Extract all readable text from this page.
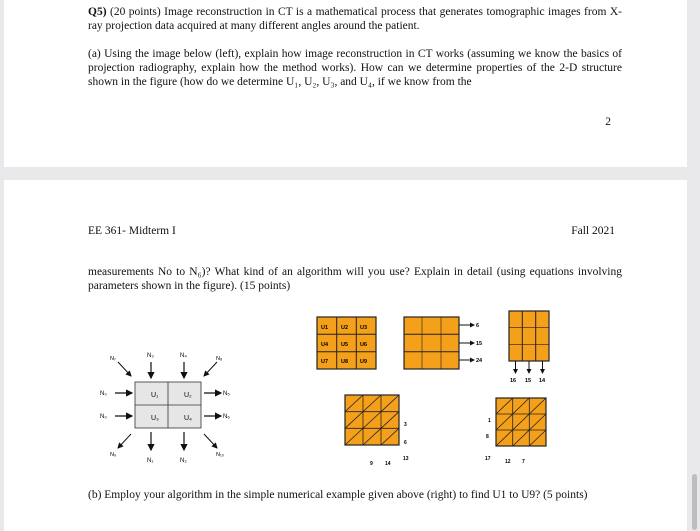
Q5) (20 points) Image reconstruction in CT is a mathematical process that generates tomographic images from X-ray projection data acquired at many different angles around the patient.

(a) Using the image below (left), explain how image reconstruction in CT works (assuming we know the basics of projection radiography, explain how the method works). How can we determine properties of the 2-D structure shown in the figure (how do we determine U₁, U₂, U₃, and U₄, if we know from the

2
EE 361- Midterm I	Fall 2021

measurements No to N₆)? What kind of an algorithm will you use? Explain in detail (using equations involving parameters shown in the figure). (15 points)

(b) Employ your algorithm in the simple numerical example given above (right) to find U1 to U9? (5 points)

U₁	U₂
U₃	U₄
N₃	N₄
N₁	N₂
N₀
N₀
N₅
N₆
N₇	N₈
N₉	N₁₀
U1 U2 U3
U4 U5 U6
U7 U8 U9
6
15
24
16 15 14
9 14
13
3
6
17	12 7
1
8
